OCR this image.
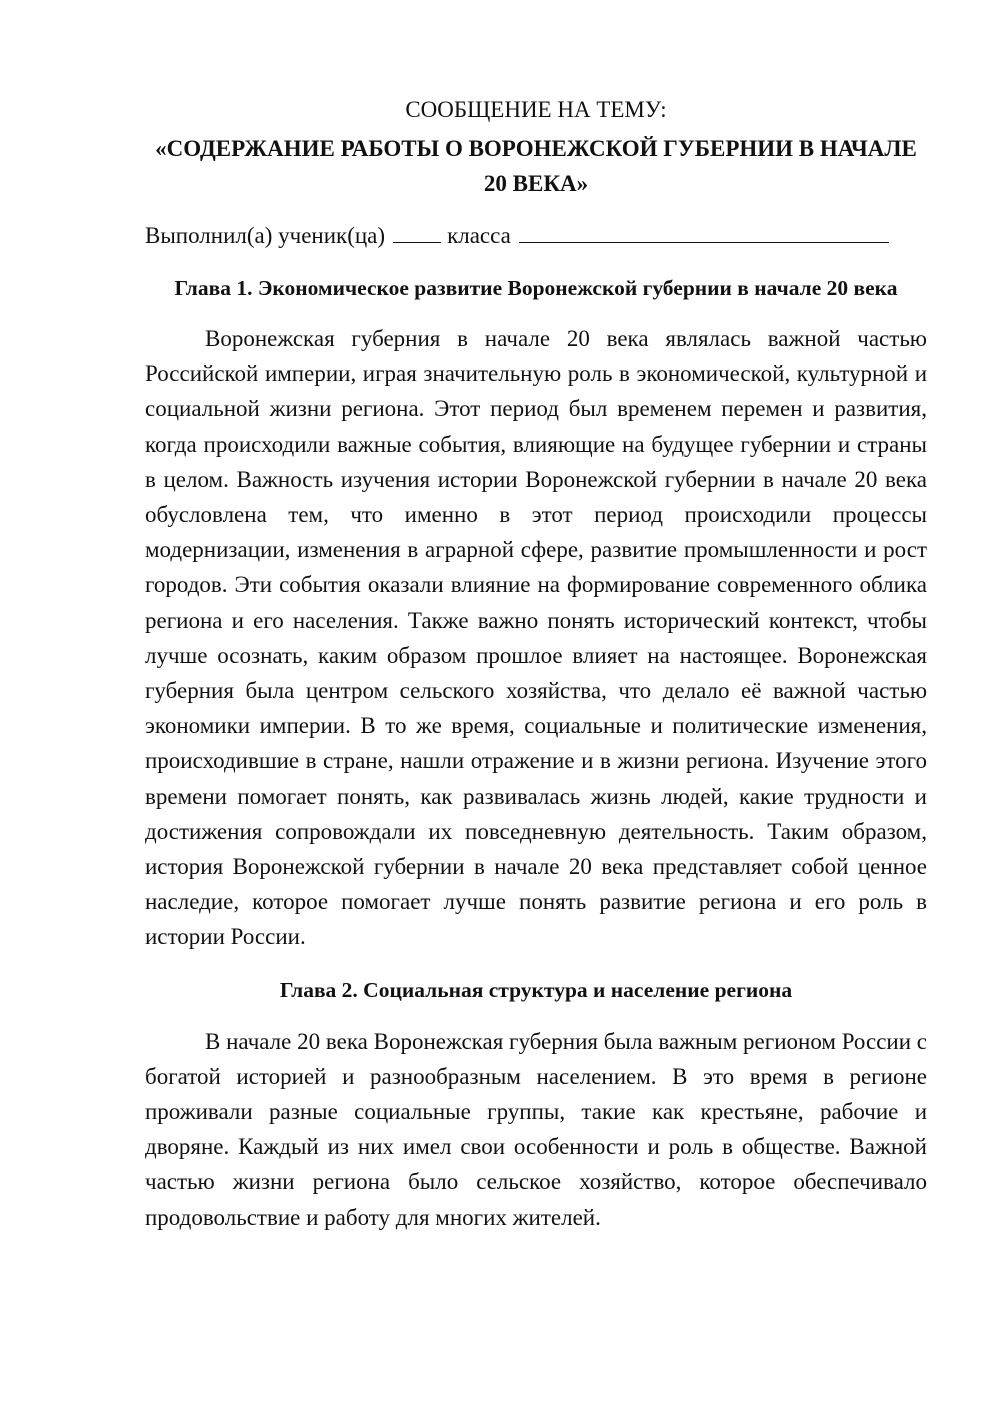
СООБЩЕНИЕ НА ТЕМУ:

«СОДЕРЖАНИЕ РАБОТЫ О ВОРОНЕЖСКОЙ ГУБЕРНИИ В НАЧАЛЕ 20 ВЕКА»

Выполнил(а) ученик(ца)	класса
Глава 1. Экономическое развитие Воронежской губернии в начале 20 века

Воронежская губерния в начале 20 века являлась важной частью Российской империи, играя значительную роль в экономической, культурной и социальной жизни региона. Этот период был временем перемен и развития, когда происходили важные события, влияющие на будущее губернии и страны в целом. Важность изучения истории Воронежской губернии в начале 20 века обусловлена тем, что именно в этот период происходили процессы модернизации, изменения в аграрной сфере, развитие промышленности и рост городов. Эти события оказали влияние на формирование современного облика региона и его населения. Также важно понять исторический контекст, чтобы лучше осознать, каким образом прошлое влияет на настоящее. Воронежская губерния была центром сельского хозяйства, что делало её важной частью экономики империи. В то же время, социальные и политические изменения, происходившие в стране, нашли отражение и в жизни региона. Изучение этого времени помогает понять, как развивалась жизнь людей, какие трудности и достижения сопровождали их повседневную деятельность. Таким образом, история Воронежской губернии в начале 20 века представляет собой ценное наследие, которое помогает лучше понять развитие региона и его роль в истории России.

Глава 2. Социальная структура и население региона

В начале 20 века Воронежская губерния была важным регионом России с богатой историей и разнообразным населением. В это время в регионе проживали разные социальные группы, такие как крестьяне, рабочие и дворяне. Каждый из них имел свои особенности и роль в обществе. Важной частью жизни региона было сельское хозяйство, которое обеспечивало продовольствие и работу для многих жителей.
